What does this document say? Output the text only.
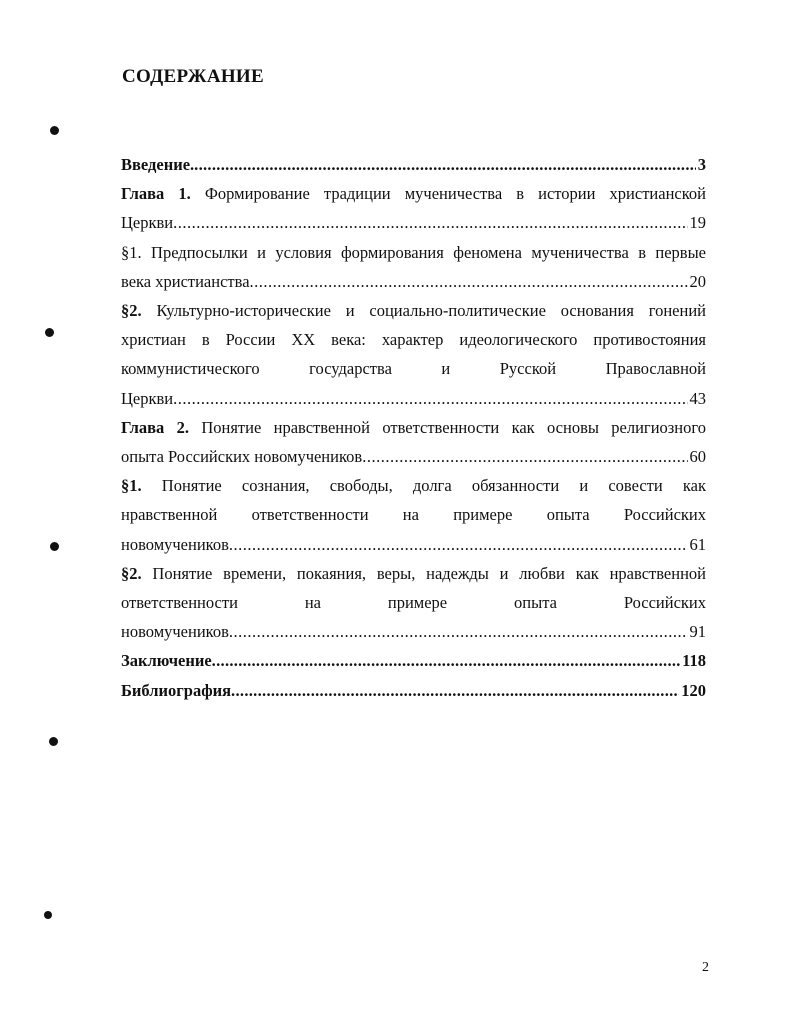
СОДЕРЖАНИЕ
Введение. .....	3
Глава 1. Формирование традиции мученичества в истории христианской
Церкви .....	19
§1. Предпосылки и условия формирования феномена мученичества в первые
века христианства .....	20
§2. Культурно-исторические и социально-политические основания гонений
христиан в России XX века: характер идеологического противостояния
коммунистического государства и Русской Православной
Церкви .....	43
Глава 2. Понятие нравственной ответственности как основы религиозного
опыта Российских новомучеников .....	60
§1. Понятие сознания, свободы, долга обязанности и совести как
нравственной ответственности на примере опыта Российских
новомучеников .....	61
§2. Понятие времени, покаяния, веры, надежды и любви как нравственной
ответственности на примере опыта Российских
новомучеников .....	91
Заключение .....	118
Библиография .....	120
2
